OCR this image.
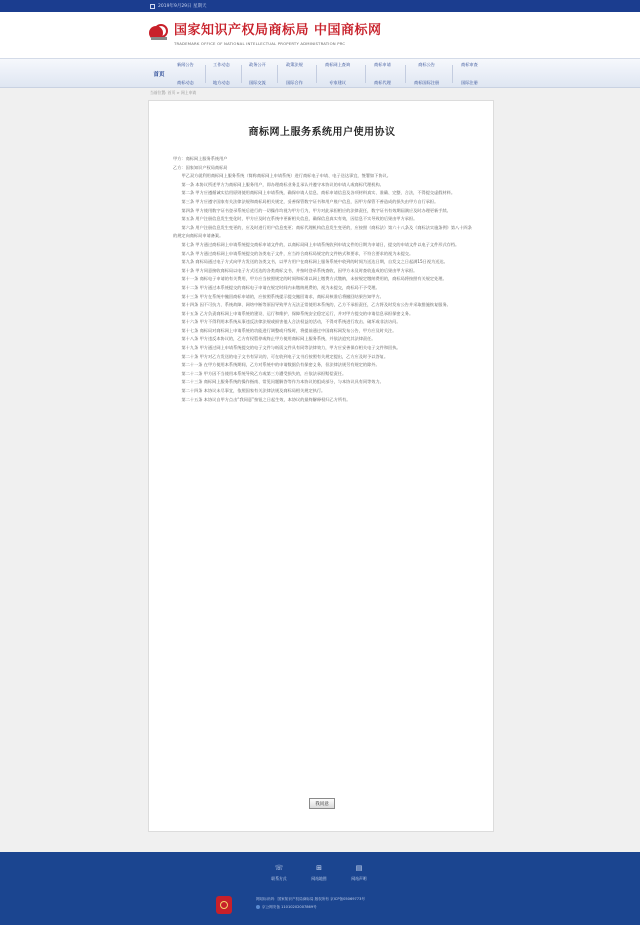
2019年9月29日 星期天
国家知识产权局商标局 中国商标网
TRADEMARK OFFICE OF NATIONAL INTELLECTUAL PROPERTY ADMINISTRATION PRC
首页
新闻公告
商标动态
工作动态
地方动态
政务公开
国际交流
政策法规
国际合作
商标网上查询
专家建议
商标申请
商标代理
商标公告
商标国际注册
商标审查
国际注册
当前位置: 首页 > 网上申请
商标网上服务系统用户使用协议

甲方：商标网上服务系统用户

乙方：国家知识产权局商标局

甲乙双方就利用商标网上服务系统（简称商标网上申请系统）进行商标电子申请、电子送达事宜，签署如下协议。

第一条 本协议所述甲方为商标网上服务用户，即办理商标业务且承认并遵守本协议的申请人或商标代理机构。

第二条 甲方应遵循诚实信用原则使用商标网上申请系统，确保申请人信息、商标申请信息及各项材料真实、准确、完整、合法，不得提交虚假材料。

第三条 甲方应遵守国家有关法律法规和商标局相关规定，妥善保管数字证书和用户账户信息，因甲方保管不善造成的损失由甲方自行承担。

第四条 甲方使用数字证书登录系统后进行的一切操作均视为甲方行为，甲方对此承担相应的法律责任，数字证书有效期届满应及时办理更新手续。

第五条 用户注册信息发生变化时，甲方应及时在系统中更新相关信息，确保信息真实有效，因信息不实导致的后果由甲方承担。

第六条 用户注册信息发生变更的，应及时进行用户信息变更；商标代理机构信息发生变更的，应按照《商标法》第六十八条及《商标法实施条例》第八十四条的规定向商标局申请备案。

第七条 甲方通过商标网上申请系统提交商标申请文件的，以商标局网上申请系统收到申请文件的日期为申请日，提交的申请文件以电子文件形式存档。

第八条 甲方通过商标网上申请系统提交的各类电子文件，应当符合商标局规定的文件格式和要求，不符合要求的视为未提交。

第九条 商标局通过电子方式向甲方发送的各类文书，以甲方用户在商标网上服务系统中收到的时间为送达日期，自发文之日起满15日视为送达。

第十条 甲方同意接收商标局以电子方式送达的各类商标文书，并按时登录系统查收，因甲方未及时查收造成的后果由甲方承担。

第十一条 商标电子申请的有关费用，甲方应当按照规定的时间和标准以网上缴费方式缴纳，未按规定缴纳费用的，商标局将按照有关规定处理。

第十二条 甲方通过本系统提交的商标电子申请在规定时间内未缴纳规费的，视为未提交，商标局不予受理。

第十三条 甲方在系统中撤回商标申请的，应按照系统提示提交撤回请求，商标局核准后将撤回结果告知甲方。

第十四条 因不可抗力、系统故障、网络中断等原因导致甲方无法正常使用本系统的，乙方不承担责任，乙方将及时发布公告并采取措施恢复服务。

第十五条 乙方负责商标网上申请系统的建设、运行和维护，保障系统安全稳定运行，并对甲方提交的申请信息承担保密义务。

第十六条 甲方不得利用本系统从事违反法律法规或损害他人合法权益的活动，不得对系统进行攻击、破坏或非法访问。

第十七条 商标局对商标网上申请系统的功能进行调整或升级时，将提前通过中国商标网发布公告，甲方应及时关注。

第十八条 甲方违反本协议的，乙方有权暂停或终止甲方使用商标网上服务系统，并依法追究其法律责任。

第十九条 甲方通过网上申请系统提交的电子文件与纸质文件具有同等法律效力，甲方应妥善保存相关电子文件和回执。

第二十条 甲方对乙方发送的电子文书有异议的，可在收到电子文书后按照有关规定提出，乙方应及时予以答复。

第二十一条 在甲方使用本系统期间，乙方对系统中的申请数据负有保密义务，但法律法规另有规定的除外。

第二十二条 甲方因不当使用本系统导致乙方或第三方遭受损失的，应依法承担赔偿责任。

第二十三条 商标网上服务系统的操作指南、常见问题解答等作为本协议的组成部分，与本协议具有同等效力。

第二十四条 本协议未尽事宜，依照国家有关法律法规及商标局相关规定执行。

第二十五条 本协议自甲方点击“我同意”按钮之日起生效，本协议的最终解释权归乙方所有。

我同意
☏
联系方式
⊞
网站地图
▤
网站声明
网站标识码：国家知识产权局商标局 版权所有 京ICP备05069773号
京公网安备 11010202007869号
